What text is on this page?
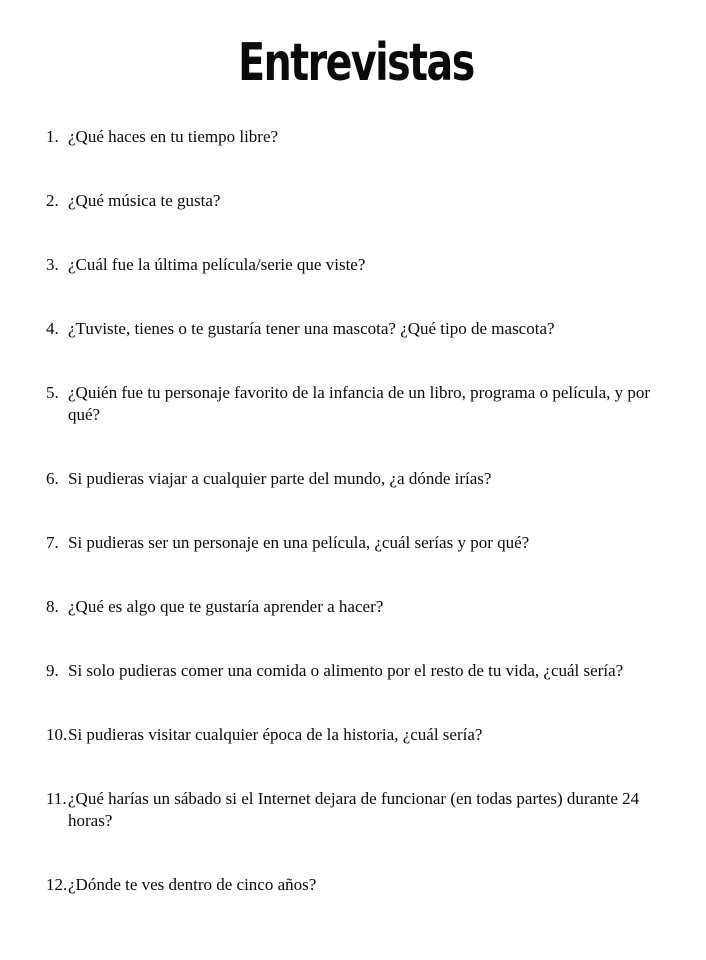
Entrevistas
1. ¿Qué haces en tu tiempo libre?
2. ¿Qué música te gusta?
3. ¿Cuál fue la última película/serie que viste?
4. ¿Tuviste, tienes o te gustaría tener una mascota? ¿Qué tipo de mascota?
5. ¿Quién fue tu personaje favorito de la infancia de un libro, programa o película, y por qué?
6. Si pudieras viajar a cualquier parte del mundo, ¿a dónde irías?
7. Si pudieras ser un personaje en una película, ¿cuál serías y por qué?
8. ¿Qué es algo que te gustaría aprender a hacer?
9. Si solo pudieras comer una comida o alimento por el resto de tu vida, ¿cuál sería?
10. Si pudieras visitar cualquier época de la historia, ¿cuál sería?
11. ¿Qué harías un sábado si el Internet dejara de funcionar (en todas partes) durante 24 horas?
12. ¿Dónde te ves dentro de cinco años?
